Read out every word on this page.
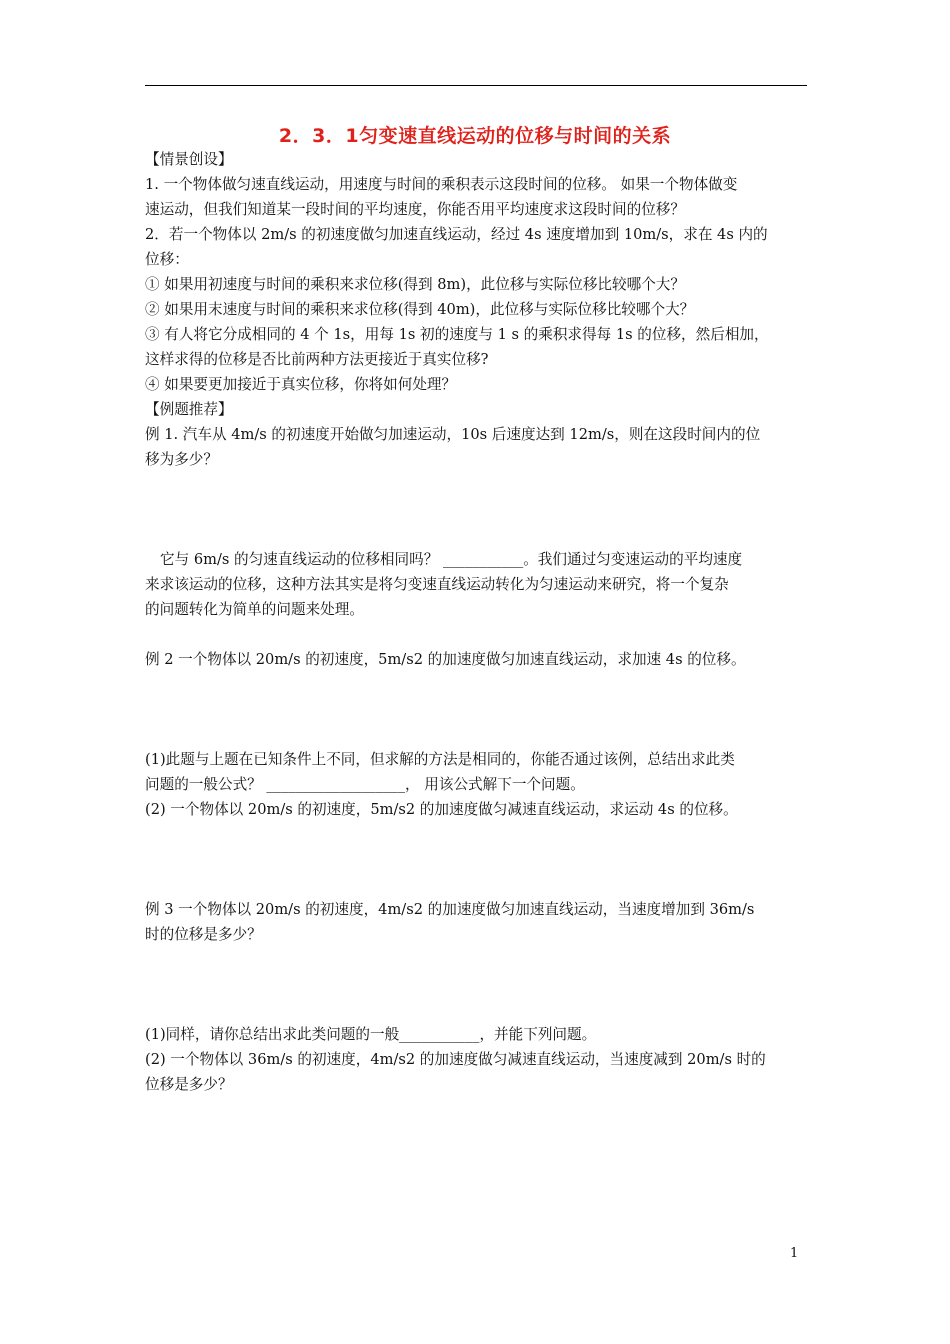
2．3．1匀变速直线运动的位移与时间的关系
【情景创设】
1. 一个物体做匀速直线运动，用速度与时间的乘积表示这段时间的位移。 如果一个物体做变
速运动，但我们知道某一段时间的平均速度，你能否用平均速度求这段时间的位移？
2．若一个物体以 2m/s 的初速度做匀加速直线运动，经过 4s 速度增加到 10m/s，求在 4s 内的
位移：
① 如果用初速度与时间的乘积来求位移(得到 8m)，此位移与实际位移比较哪个大？
② 如果用末速度与时间的乘积来求位移(得到 40m)，此位移与实际位移比较哪个大？
③ 有人将它分成相同的 4 个 1s，用每 1s 初的速度与 1 s 的乘积求得每 1s 的位移，然后相加，
这样求得的位移是否比前两种方法更接近于真实位移?
④ 如果要更加接近于真实位移，你将如何处理？
【例题推荐】
例 1. 汽车从 4m/s 的初速度开始做匀加速运动，10s 后速度达到 12m/s，则在这段时间内的位
移为多少？
它与 6m/s 的匀速直线运动的位移相同吗？ ___________。我们通过匀变速运动的平均速度
来求该运动的位移，这种方法其实是将匀变速直线运动转化为匀速运动来研究，将一个复杂
的问题转化为简单的问题来处理。
例 2 一个物体以 20m/s 的初速度，5m/s2 的加速度做匀加速直线运动，求加速 4s 的位移。
(1)此题与上题在已知条件上不同，但求解的方法是相同的，你能否通过该例，总结出求此类
问题的一般公式？ ___________________， 用该公式解下一个问题。
(2) 一个物体以 20m/s 的初速度，5m/s2 的加速度做匀减速直线运动，求运动 4s 的位移。
例 3 一个物体以 20m/s 的初速度，4m/s2 的加速度做匀加速直线运动，当速度增加到 36m/s
时的位移是多少？
(1)同样，请你总结出求此类问题的一般___________，并能下列问题。
(2) 一个物体以 36m/s 的初速度，4m/s2 的加速度做匀减速直线运动，当速度减到 20m/s 时的
位移是多少？
1
